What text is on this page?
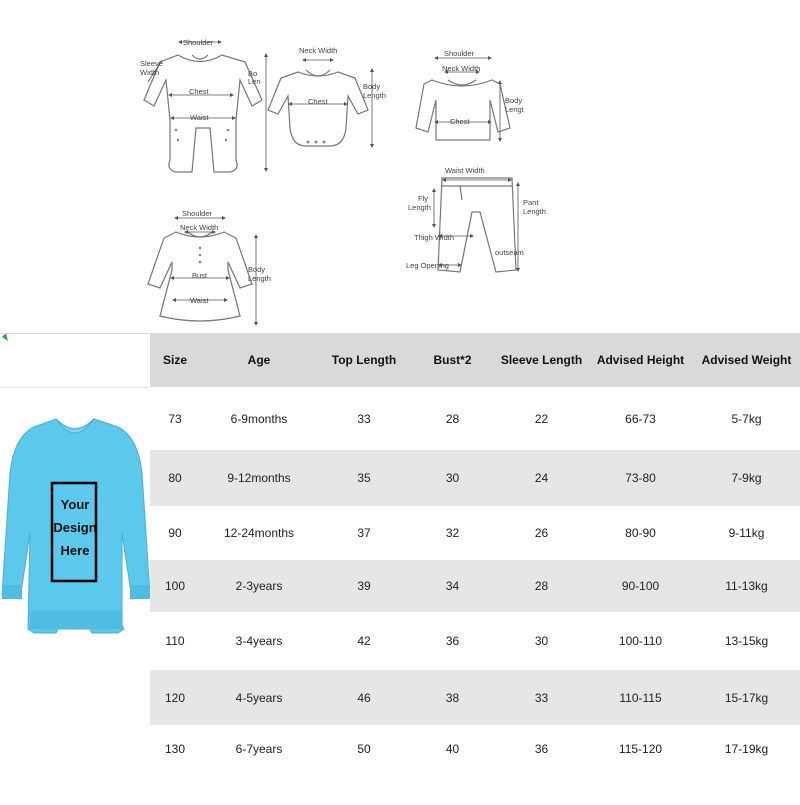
Shoulder
Sleeve
Width	Bo
Len
Chest
Waist
Neck Width
Chest
Body
Length
Shoulder
Neck Width
Body
Lengt
Chest
Waist Width
Fly
Length
Pant
Length
Thigh Width
outseam
Leg Opening
Shoulder
Neck Width
Bust
Waist
Body
Length
Your
Design
Here
Size	Age	Top Length	Bust*2	Sleeve Length	Advised Height	Advised Weight
73	6-9months	33	28	22	66-73	5-7kg
80	9-12months	35	30	24	73-80	7-9kg
90	12-24months	37	32	26	80-90	9-11kg
100	2-3years	39	34	28	90-100	11-13kg
110	3-4years	42	36	30	100-110	13-15kg
120	4-5years	46	38	33	110-115	15-17kg
130	6-7years	50	40	36	115-120	17-19kg
